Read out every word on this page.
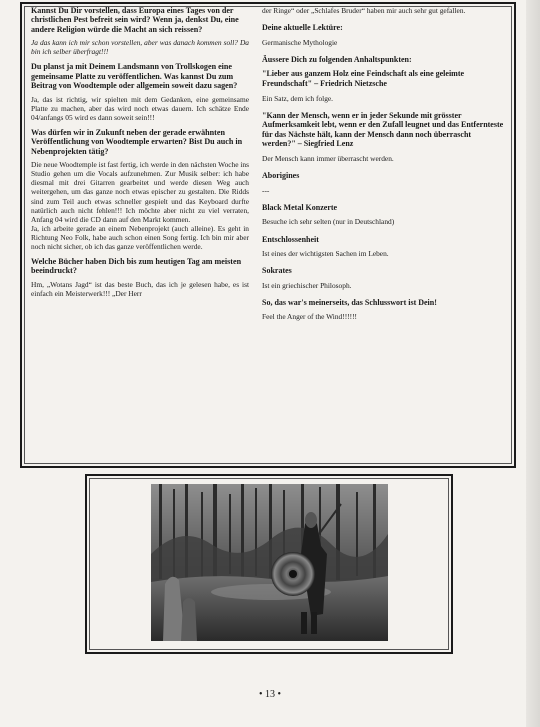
Kannst Du Dir vorstellen, dass Europa eines Tages von der christlichen Pest befreit sein wird? Wenn ja, denkst Du, eine andere Religion würde die Macht an sich reissen?

Ja das kann ich mir schon vorstellen, aber was danach kommen soll? Da bin ich selber überfragt!!!

Du planst ja mit Deinem Landsmann von Trollskogen eine gemeinsame Platte zu veröffentlichen. Was kannst Du zum Beitrag von Woodtemple oder allgemein soweit dazu sagen?

Ja, das ist richtig, wir spielten mit dem Gedanken, eine gemeinsame Platte zu machen, aber das wird noch etwas dauern. Ich schätze Ende 04/anfangs 05 wird es dann soweit sein!!!

Was dürfen wir in Zukunft neben der gerade erwähnten Veröffentlichung von Woodtemple erwarten? Bist Du auch in Nebenprojekten tätig?

Die neue Woodtemple ist fast fertig, ich werde in den nächsten Woche ins Studio gehen um die Vocals aufzunehmen. Zur Musik selber: ich habe diesmal mit drei Gitarren gearbeitet und werde diesen Weg auch weitergehen, um das ganze noch etwas epischer zu gestalten. Die Ridds sind zum Teil auch etwas schneller gespielt und das Keyboard durfte natürlich auch nicht fehlen!!! Ich möchte aber nicht zu viel verraten, Anfang 04 wird die CD dann auf den Markt kommen.

Ja, ich arbeite gerade an einem Nebenprojekt (auch alleine). Es geht in Richtung Neo Folk, habe auch schon einen Song fertig. Ich bin mir aber noch nicht sicher, ob ich das ganze veröffentlichen werde.

Welche Bücher haben Dich bis zum heutigen Tag am meisten beeindruckt?

Hm, „Wotans Jagd“ ist das beste Buch, das ich je gelesen habe, es ist einfach ein Meisterwerk!!! „Der Herr

der Ringe“ oder „Schlafes Bruder“ haben mir auch sehr gut gefallen.

Deine aktuelle Lektüre:

Germanische Mythologie

Äussere Dich zu folgenden Anhaltspunkten:

"Lieber aus ganzem Holz eine Feindschaft als eine geleimte Freundschaft" – Friedrich Nietzsche

Ein Satz, dem ich folge.

"Kann der Mensch, wenn er in jeder Sekunde mit grösster Aufmerksamkeit lebt, wenn er den Zufall leugnet und das Entfernteste für das Nächste hält, kann der Mensch dann noch überrascht werden?" – Siegfried Lenz

Der Mensch kann immer überrascht werden.

Aborigines

---

Black Metal Konzerte

Besuche ich sehr selten (nur in Deutschland)

Entschlossenheit

Ist eines der wichtigsten Sachen im Leben.

Sokrates

Ist ein griechischer Philosoph.

So, das war's meinerseits, das Schlusswort ist Dein!

Feel the Anger of the Wind!!!!!!

• 13 •
